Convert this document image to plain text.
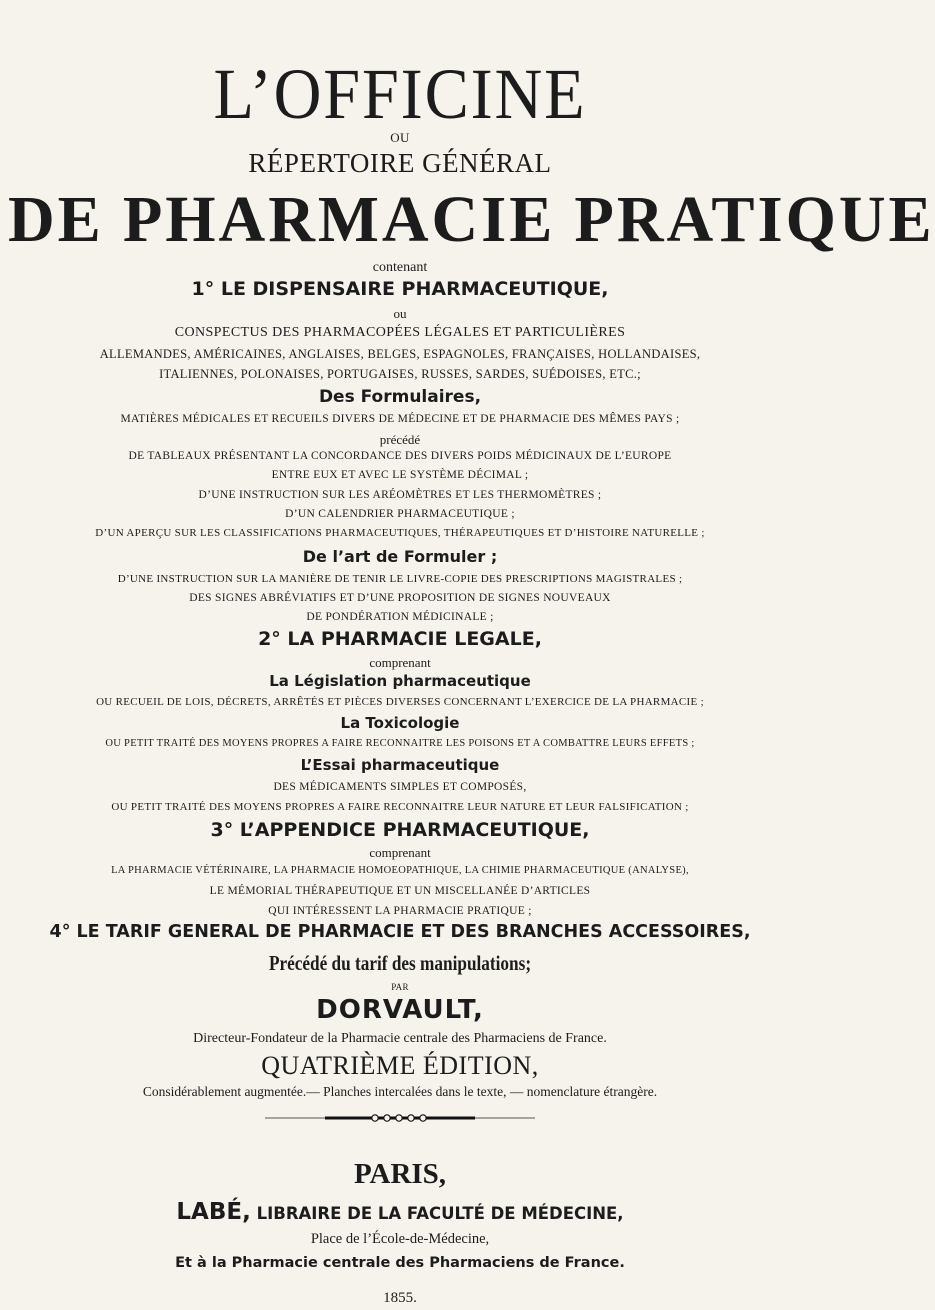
L’OFFICINE
OU
RÉPERTOIRE GÉNÉRAL
DE PHARMACIE PRATIQUE
contenant
1° LE DISPENSAIRE PHARMACEUTIQUE,
ou
CONSPECTUS DES PHARMACOPÉES LÉGALES ET PARTICULIÈRES
ALLEMANDES, AMÉRICAINES, ANGLAISES, BELGES, ESPAGNOLES, FRANÇAISES, HOLLANDAISES,
ITALIENNES, POLONAISES, PORTUGAISES, RUSSES, SARDES, SUÉDOISES, ETC.;
Des Formulaires,
MATIÈRES MÉDICALES ET RECUEILS DIVERS DE MÉDECINE ET DE PHARMACIE DES MÊMES PAYS ;
précédé
DE TABLEAUX PRÉSENTANT LA CONCORDANCE DES DIVERS POIDS MÉDICINAUX DE L’EUROPE
ENTRE EUX ET AVEC LE SYSTÈME DÉCIMAL ;
D’UNE INSTRUCTION SUR LES ARÉOMÈTRES ET LES THERMOMÈTRES ;
D’UN CALENDRIER PHARMACEUTIQUE ;
D’UN APERÇU SUR LES CLASSIFICATIONS PHARMACEUTIQUES, THÉRAPEUTIQUES ET D’HISTOIRE NATURELLE ;
De l’art de Formuler ;
D’UNE INSTRUCTION SUR LA MANIÈRE DE TENIR LE LIVRE-COPIE DES PRESCRIPTIONS MAGISTRALES ;
DES SIGNES ABRÉVIATIFS ET D’UNE PROPOSITION DE SIGNES NOUVEAUX
DE PONDÉRATION MÉDICINALE ;
2° LA PHARMACIE LEGALE,
comprenant
La Législation pharmaceutique
OU RECUEIL DE LOIS, DÉCRETS, ARRÊTÉS ET PIÈCES DIVERSES CONCERNANT L’EXERCICE DE LA PHARMACIE ;
La Toxicologie
OU PETIT TRAITÉ DES MOYENS PROPRES A FAIRE RECONNAITRE LES POISONS ET A COMBATTRE LEURS EFFETS ;
L’Essai pharmaceutique
DES MÉDICAMENTS SIMPLES ET COMPOSÉS,
OU PETIT TRAITÉ DES MOYENS PROPRES A FAIRE RECONNAITRE LEUR NATURE ET LEUR FALSIFICATION ;
3° L’APPENDICE PHARMACEUTIQUE,
comprenant
LA PHARMACIE VÉTÉRINAIRE, LA PHARMACIE HOMOEOPATHIQUE, LA CHIMIE PHARMACEUTIQUE (ANALYSE),
LE MÉMORIAL THÉRAPEUTIQUE ET UN MISCELLANÉE D’ARTICLES
QUI INTÉRESSENT LA PHARMACIE PRATIQUE ;
4° LE TARIF GENERAL DE PHARMACIE ET DES BRANCHES ACCESSOIRES,
Précédé du tarif des manipulations;
PAR
DORVAULT,
Directeur-Fondateur de la Pharmacie centrale des Pharmaciens de France.
QUATRIÈME ÉDITION,
Considérablement augmentée.— Planches intercalées dans le texte, — nomenclature étrangère.
PARIS,
LABÉ, LIBRAIRE DE LA FACULTÉ DE MÉDECINE,
Place de l’École-de-Médecine,
Et à la Pharmacie centrale des Pharmaciens de France.
1855.
